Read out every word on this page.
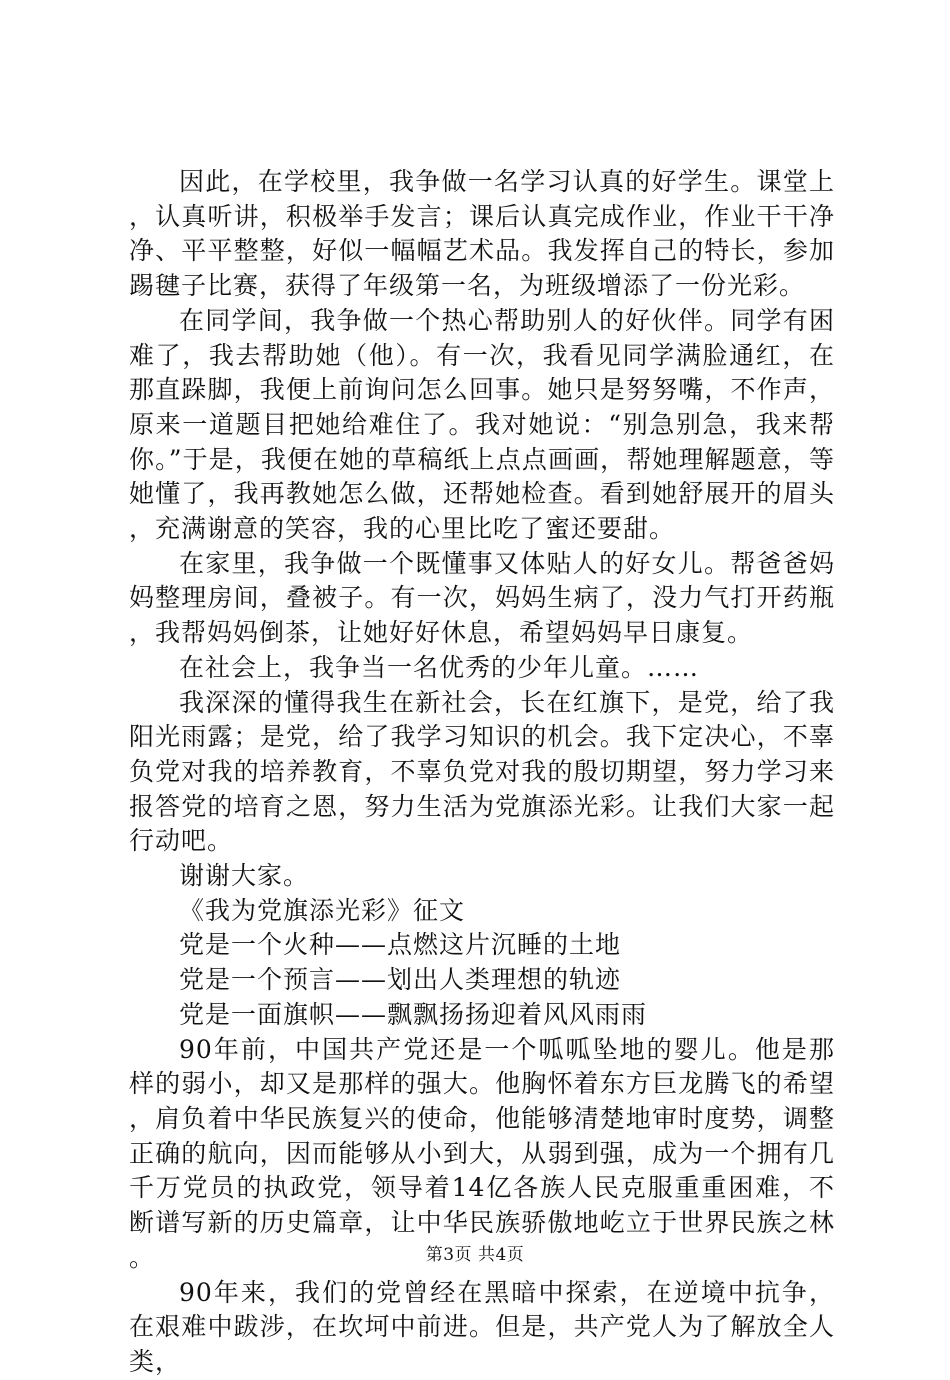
因此，在学校里，我争做一名学习认真的好学生。课堂上，认真听讲，积极举手发言；课后认真完成作业，作业干干净净、平平整整，好似一幅幅艺术品。我发挥自己的特长，参加踢毽子比赛，获得了年级第一名，为班级增添了一份光彩。

在同学间，我争做一个热心帮助别人的好伙伴。同学有困难了，我去帮助她（他）。有一次，我看见同学满脸通红，在那直跺脚，我便上前询问怎么回事。她只是努努嘴，不作声，原来一道题目把她给难住了。我对她说：“别急别急，我来帮你。”于是，我便在她的草稿纸上点点画画，帮她理解题意，等她懂了，我再教她怎么做，还帮她检查。看到她舒展开的眉头，充满谢意的笑容，我的心里比吃了蜜还要甜。

在家里，我争做一个既懂事又体贴人的好女儿。帮爸爸妈妈整理房间，叠被子。有一次，妈妈生病了，没力气打开药瓶，我帮妈妈倒茶，让她好好休息，希望妈妈早日康复。

在社会上，我争当一名优秀的少年儿童。……

我深深的懂得我生在新社会，长在红旗下，是党，给了我阳光雨露；是党，给了我学习知识的机会。我下定决心，不辜负党对我的培养教育，不辜负党对我的殷切期望，努力学习来报答党的培育之恩，努力生活为党旗添光彩。让我们大家一起行动吧。

谢谢大家。

《我为党旗添光彩》征文

党是一个火种——点燃这片沉睡的土地

党是一个预言——划出人类理想的轨迹

党是一面旗帜——飘飘扬扬迎着风风雨雨

90年前，中国共产党还是一个呱呱坠地的婴儿。他是那样的弱小，却又是那样的强大。他胸怀着东方巨龙腾飞的希望，肩负着中华民族复兴的使命，他能够清楚地审时度势，调整正确的航向，因而能够从小到大，从弱到强，成为一个拥有几千万党员的执政党，领导着14亿各族人民克服重重困难，不断谱写新的历史篇章，让中华民族骄傲地屹立于世界民族之林。

90年来，我们的党曾经在黑暗中探索，在逆境中抗争，在艰难中跋涉，在坎坷中前进。但是，共产党人为了解放全人类，

第3页 共4页
